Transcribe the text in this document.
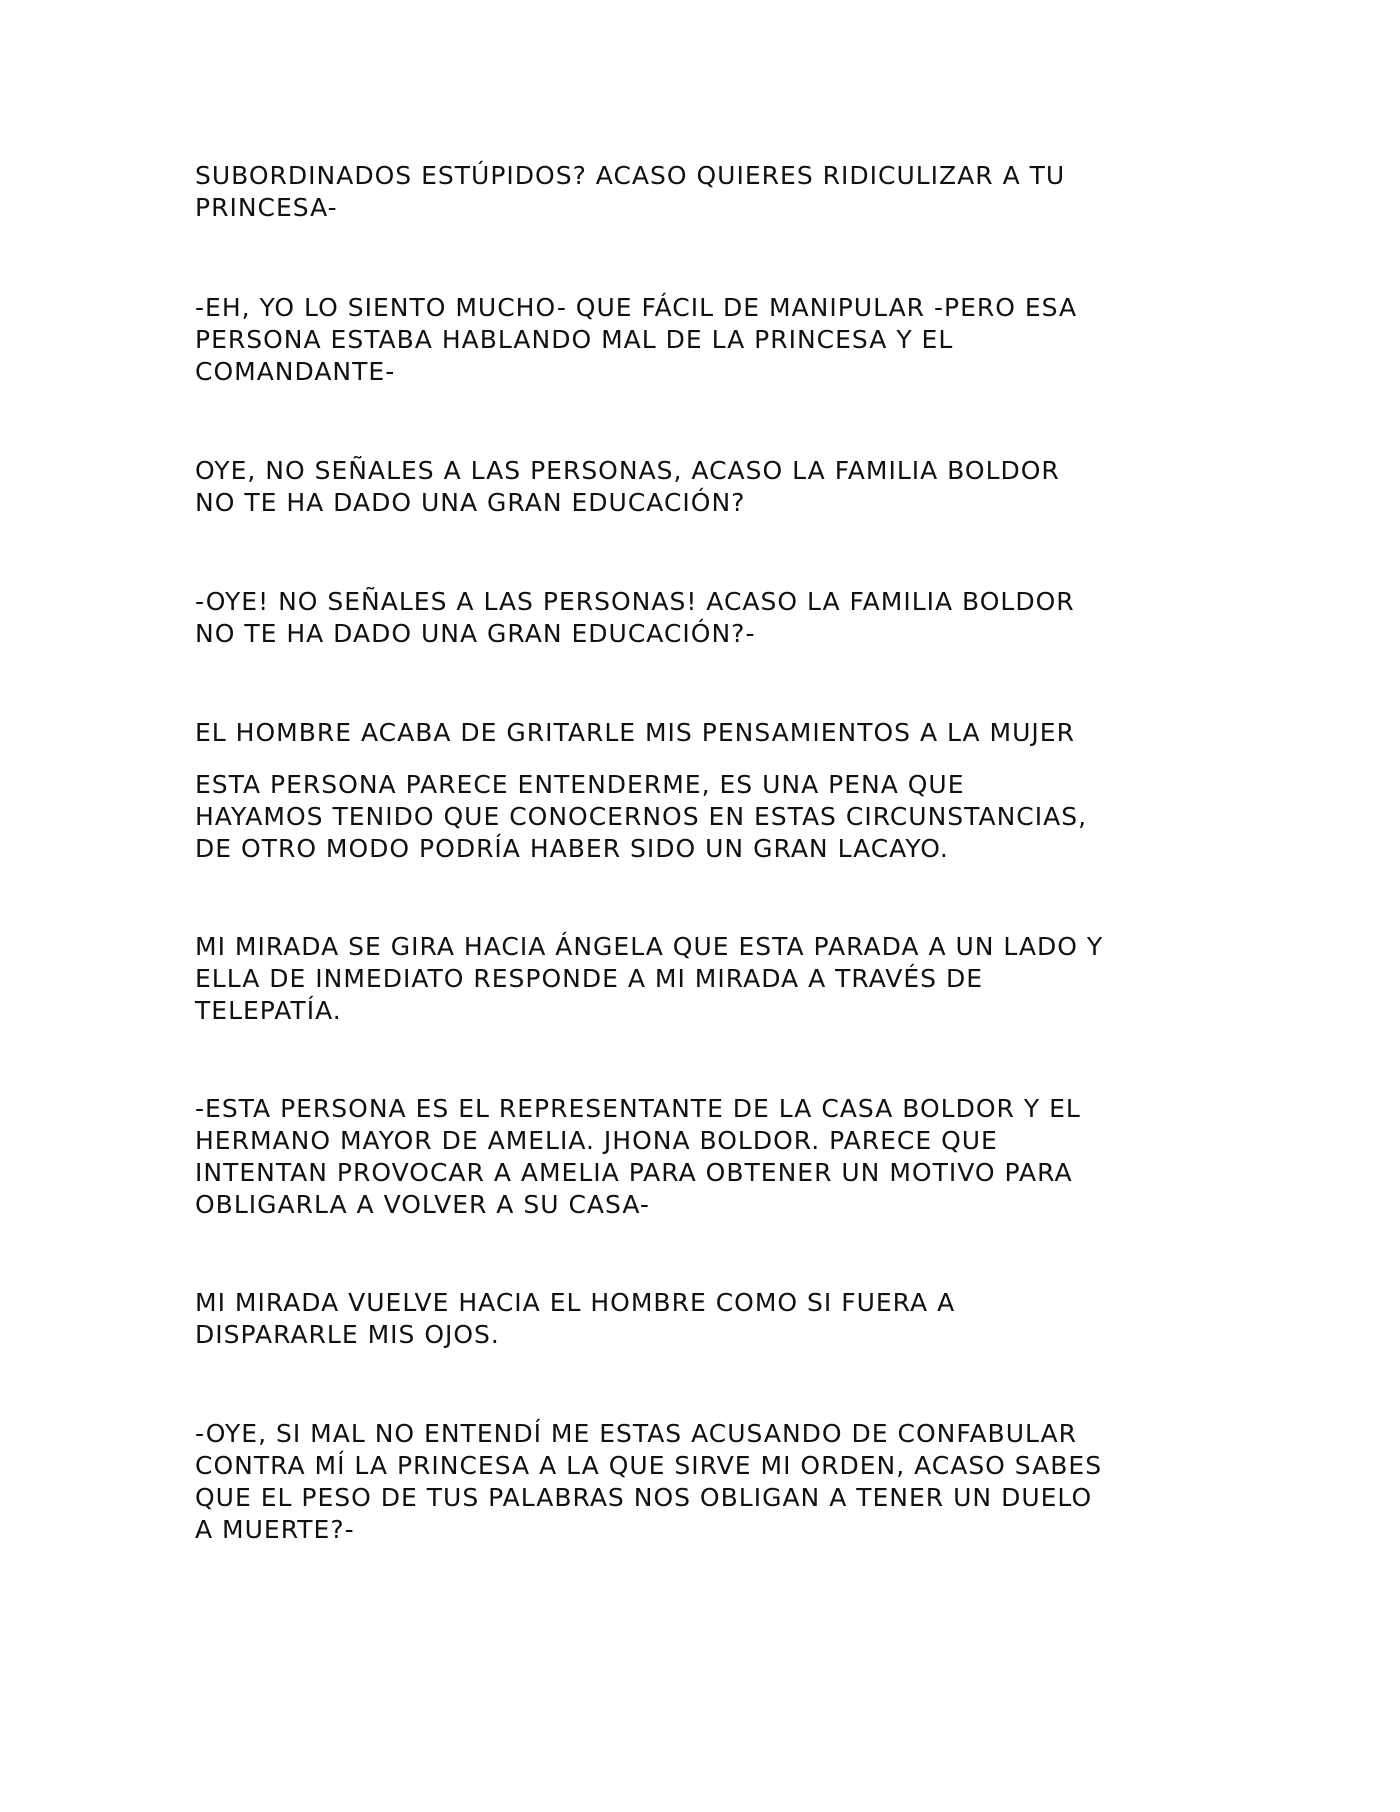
SUBORDINADOS ESTÚPIDOS? ACASO QUIERES RIDICULIZAR A TU
PRINCESA-

-EH, YO LO SIENTO MUCHO- QUE FÁCIL DE MANIPULAR -PERO ESA
PERSONA ESTABA HABLANDO MAL DE LA PRINCESA Y EL
COMANDANTE-

OYE, NO SEÑALES A LAS PERSONAS, ACASO LA FAMILIA BOLDOR
NO TE HA DADO UNA GRAN EDUCACIÓN?

-OYE! NO SEÑALES A LAS PERSONAS! ACASO LA FAMILIA BOLDOR
NO TE HA DADO UNA GRAN EDUCACIÓN?-

EL HOMBRE ACABA DE GRITARLE MIS PENSAMIENTOS A LA MUJER

ESTA PERSONA PARECE ENTENDERME, ES UNA PENA QUE
HAYAMOS TENIDO QUE CONOCERNOS EN ESTAS CIRCUNSTANCIAS,
DE OTRO MODO PODRÍA HABER SIDO UN GRAN LACAYO.

MI MIRADA SE GIRA HACIA ÁNGELA QUE ESTA PARADA A UN LADO Y
ELLA DE INMEDIATO RESPONDE A MI MIRADA A TRAVÉS DE
TELEPATÍA.

-ESTA PERSONA ES EL REPRESENTANTE DE LA CASA BOLDOR Y EL
HERMANO MAYOR DE AMELIA. JHONA BOLDOR. PARECE QUE
INTENTAN PROVOCAR A AMELIA PARA OBTENER UN MOTIVO PARA
OBLIGARLA A VOLVER A SU CASA-

MI MIRADA VUELVE HACIA EL HOMBRE COMO SI FUERA A
DISPARARLE MIS OJOS.

-OYE, SI MAL NO ENTENDÍ ME ESTAS ACUSANDO DE CONFABULAR
CONTRA MÍ LA PRINCESA A LA QUE SIRVE MI ORDEN, ACASO SABES
QUE EL PESO DE TUS PALABRAS NOS OBLIGAN A TENER UN DUELO
A MUERTE?-
